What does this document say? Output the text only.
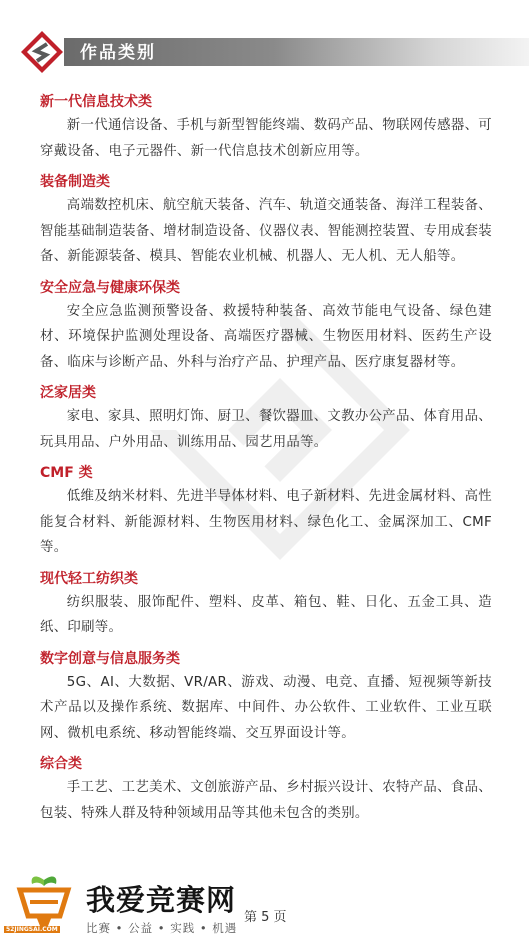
作品类别

新一代信息技术类

新一代通信设备、手机与新型智能终端、数码产品、物联网传感器、可穿戴设备、电子元器件、新一代信息技术创新应用等。

装备制造类

高端数控机床、航空航天装备、汽车、轨道交通装备、海洋工程装备、智能基础制造装备、增材制造设备、仪器仪表、智能测控装置、专用成套装备、新能源装备、模具、智能农业机械、机器人、无人机、无人船等。

安全应急与健康环保类

安全应急监测预警设备、救援特种装备、高效节能电气设备、绿色建材、环境保护监测处理设备、高端医疗器械、生物医用材料、医药生产设备、临床与诊断产品、外科与治疗产品、护理产品、医疗康复器材等。

泛家居类

家电、家具、照明灯饰、厨卫、餐饮器皿、文教办公产品、体育用品、玩具用品、户外用品、训练用品、园艺用品等。

CMF 类

低维及纳米材料、先进半导体材料、电子新材料、先进金属材料、高性能复合材料、新能源材料、生物医用材料、绿色化工、金属深加工、CMF 等。

现代轻工纺织类

纺织服装、服饰配件、塑料、皮革、箱包、鞋、日化、五金工具、造纸、印刷等。

数字创意与信息服务类

5G、AI、大数据、VR/AR、游戏、动漫、电竞、直播、短视频等新技术产品以及操作系统、数据库、中间件、办公软件、工业软件、工业互联网、微机电系统、移动智能终端、交互界面设计等。

综合类

手工艺、工艺美术、文创旅游产品、乡村振兴设计、农特产品、食品、包装、特殊人群及特种领域用品等其他未包含的类别。

52JINGSAI.COM
我爱竞赛网
比赛 • 公益 • 实践 • 机遇
第 5 页
